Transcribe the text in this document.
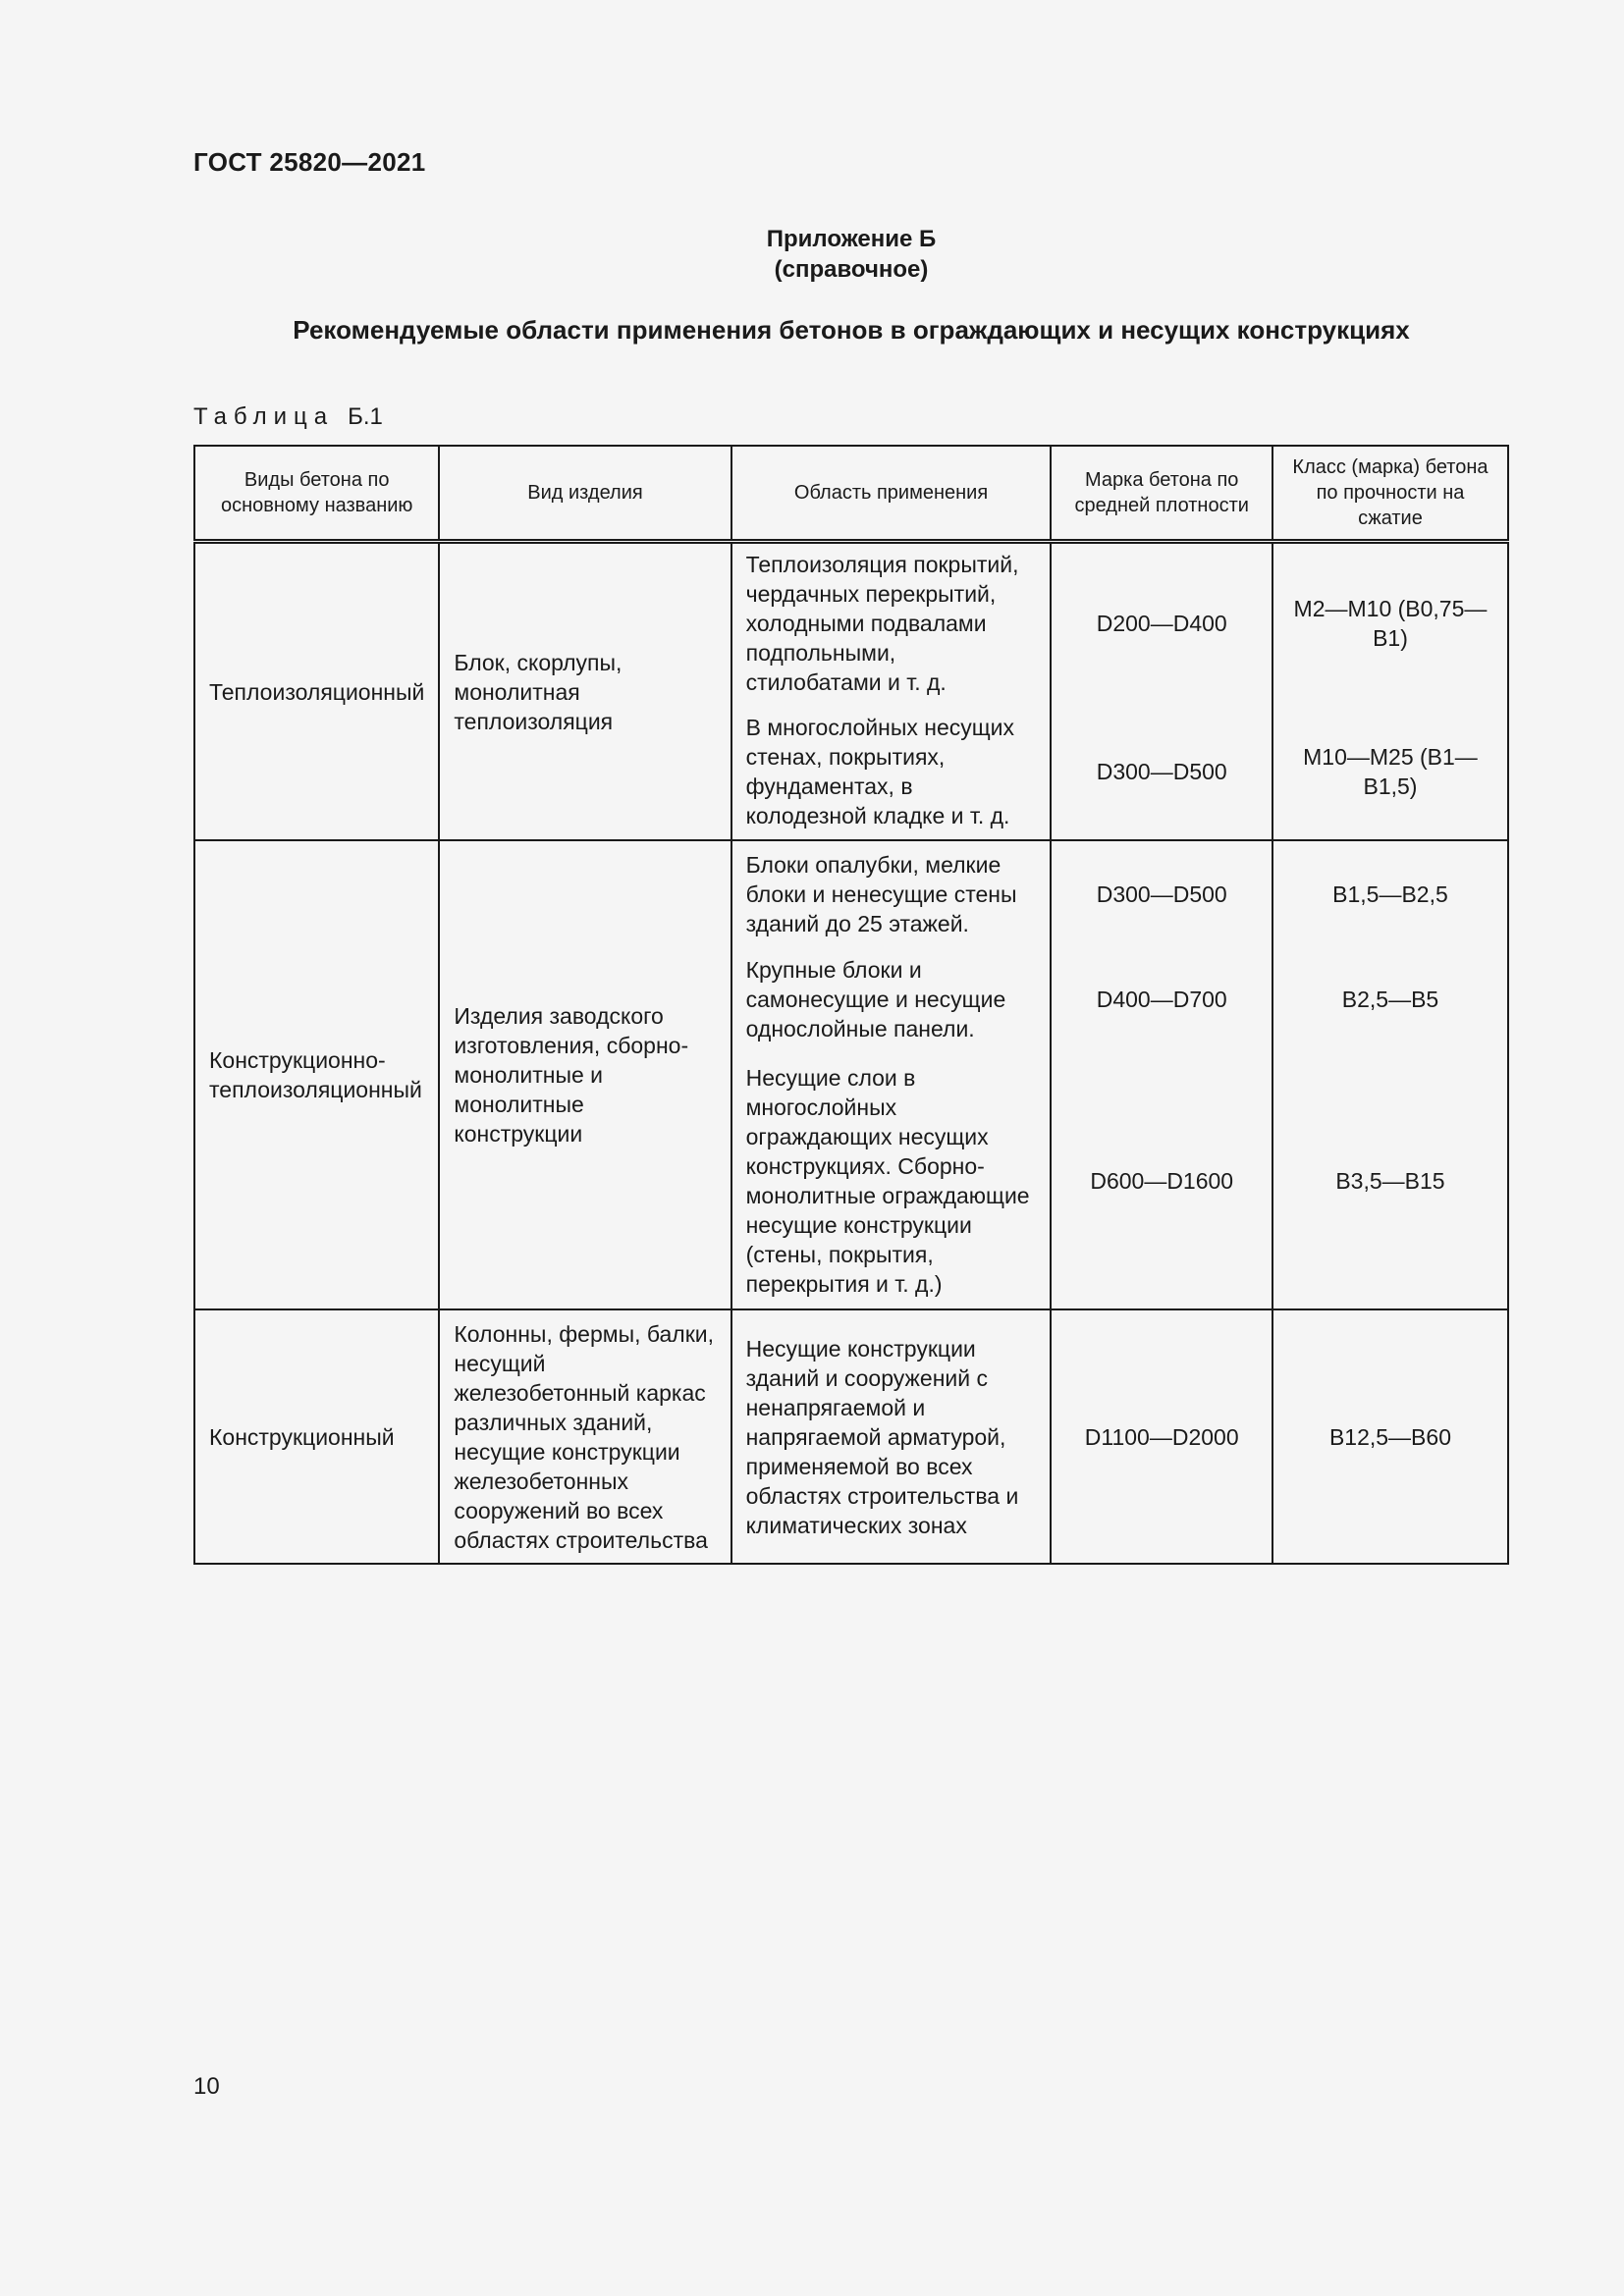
ГОСТ 25820—2021
Приложение Б
(справочное)
Рекомендуемые области применения бетонов в ограждающих и несущих конструкциях
Таблица Б.1
Виды бетона по основному названию	Вид изделия	Область применения	Марка бетона по средней плотности	Класс (марка) бетона по прочности на сжатие
Теплоизоляционный	Блок, скорлупы, монолитная теплоизоляция	Теплоизоляция покрытий, чердачных перекрытий, холодными подвалами подпольными, стилобатами и т. д.	D200—D400	M2—M10 (B0,75—B1)

		В многослойных несущих стенах, покрытиях, фундаментах, в колодезной кладке и т. д.	D300—D500	M10—M25 (B1—B1,5)
Конструкционно-теплоизоляционный	Изделия заводского изготовления, сборно-монолитные и монолитные конструкции	Блоки опалубки, мелкие блоки и ненесущие стены зданий до 25 этажей.	D300—D500	B1,5—B2,5

		Крупные блоки и самонесущие и несущие однослойные панели.	D400—D700	B2,5—B5

		Несущие слои в многослойных ограждающих несущих конструкциях. Сборно-монолитные ограждающие несущие конструкции (стены, покрытия, перекрытия и т. д.)	D600—D1600	B3,5—B15
Конструкционный	Колонны, фермы, балки, несущий железобетонный каркас различных зданий, несущие конструкции железобетонных сооружений во всех областях строительства	Несущие конструкции зданий и сооружений с ненапрягаемой и напрягаемой арматурой, применяемой во всех областях строительства и климатических зонах	D1100—D2000	B12,5—B60
10
